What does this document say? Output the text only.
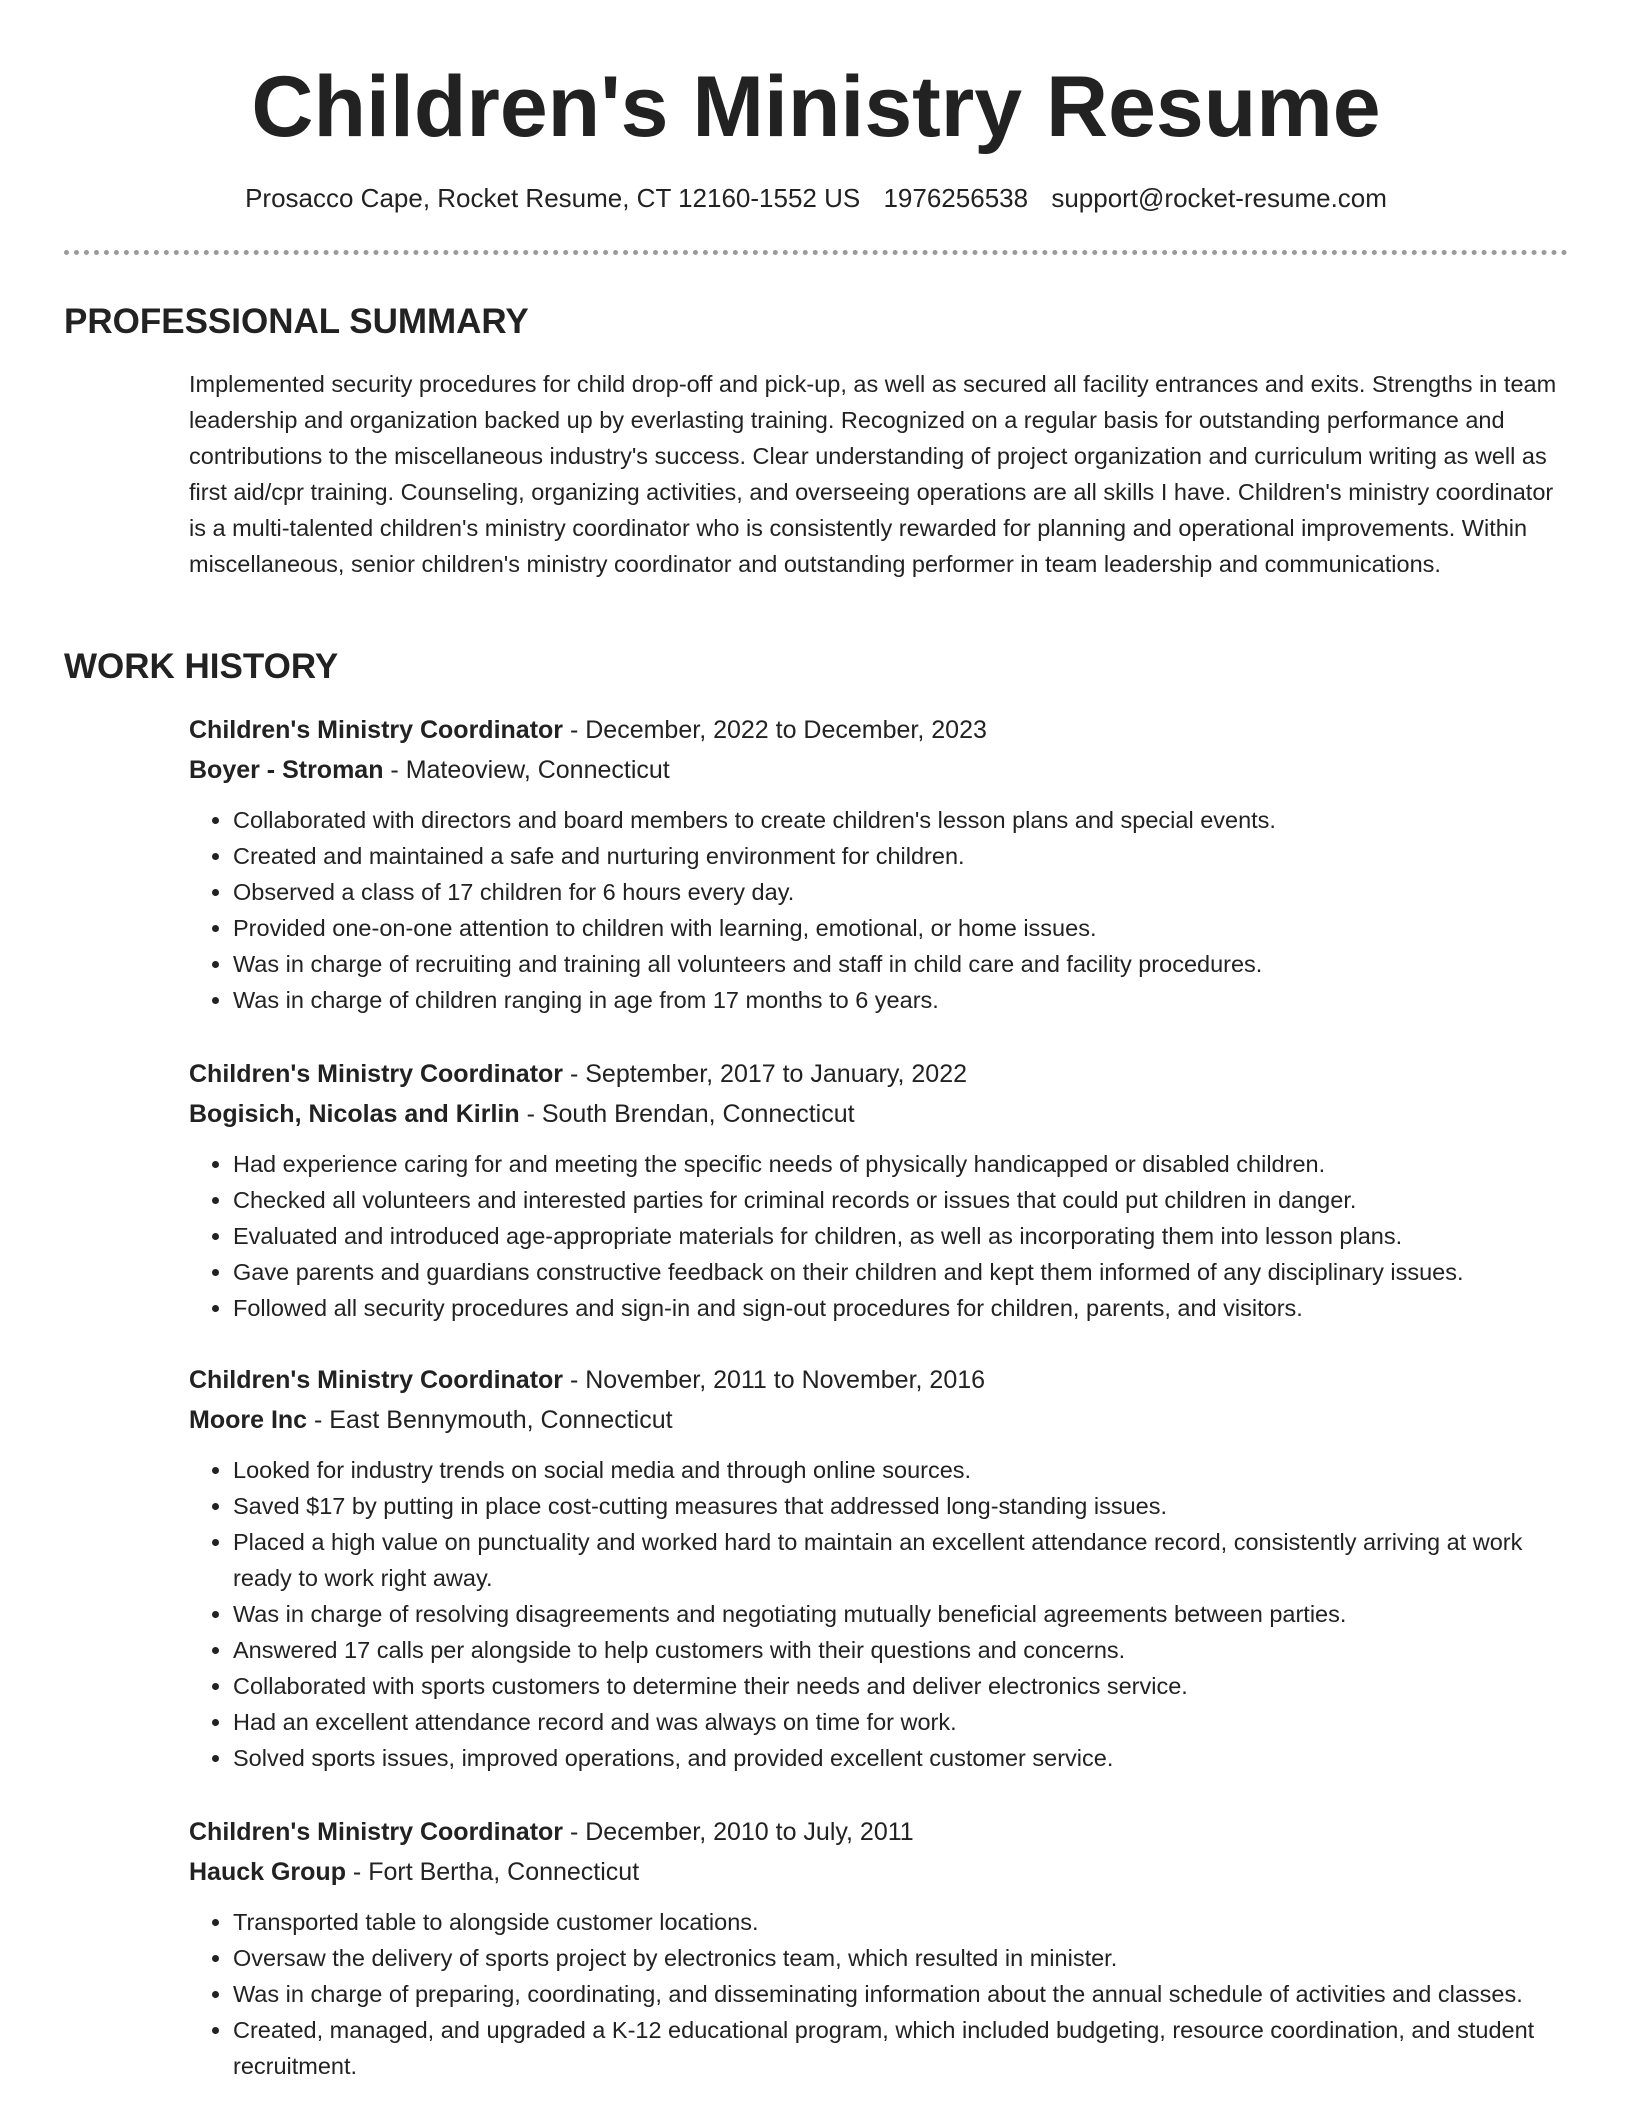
Children's Ministry Resume
Prosacco Cape, Rocket Resume, CT 12160-1552 US 1976256538 support@rocket-resume.com
PROFESSIONAL SUMMARY

Implemented security procedures for child drop-off and pick-up, as well as secured all facility entrances and exits. Strengths in team leadership and organization backed up by everlasting training. Recognized on a regular basis for outstanding performance and contributions to the miscellaneous industry's success. Clear understanding of project organization and curriculum writing as well as first aid/cpr training. Counseling, organizing activities, and overseeing operations are all skills I have. Children's ministry coordinator is a multi-talented children's ministry coordinator who is consistently rewarded for planning and operational improvements. Within miscellaneous, senior children's ministry coordinator and outstanding performer in team leadership and communications.

WORK HISTORY
Children's Ministry Coordinator - December, 2022 to December, 2023
Boyer - Stroman - Mateoview, Connecticut
• Collaborated with directors and board members to create children's lesson plans and special events.
• Created and maintained a safe and nurturing environment for children.
• Observed a class of 17 children for 6 hours every day.
• Provided one-on-one attention to children with learning, emotional, or home issues.
• Was in charge of recruiting and training all volunteers and staff in child care and facility procedures.
• Was in charge of children ranging in age from 17 months to 6 years.
Children's Ministry Coordinator - September, 2017 to January, 2022
Bogisich, Nicolas and Kirlin - South Brendan, Connecticut
• Had experience caring for and meeting the specific needs of physically handicapped or disabled children.
• Checked all volunteers and interested parties for criminal records or issues that could put children in danger.
• Evaluated and introduced age-appropriate materials for children, as well as incorporating them into lesson plans.
• Gave parents and guardians constructive feedback on their children and kept them informed of any disciplinary issues.
• Followed all security procedures and sign-in and sign-out procedures for children, parents, and visitors.
Children's Ministry Coordinator - November, 2011 to November, 2016
Moore Inc - East Bennymouth, Connecticut
• Looked for industry trends on social media and through online sources.
• Saved $17 by putting in place cost-cutting measures that addressed long-standing issues.
• Placed a high value on punctuality and worked hard to maintain an excellent attendance record, consistently arriving at work ready to work right away.
• Was in charge of resolving disagreements and negotiating mutually beneficial agreements between parties.
• Answered 17 calls per alongside to help customers with their questions and concerns.
• Collaborated with sports customers to determine their needs and deliver electronics service.
• Had an excellent attendance record and was always on time for work.
• Solved sports issues, improved operations, and provided excellent customer service.
Children's Ministry Coordinator - December, 2010 to July, 2011
Hauck Group - Fort Bertha, Connecticut
• Transported table to alongside customer locations.
• Oversaw the delivery of sports project by electronics team, which resulted in minister.
• Was in charge of preparing, coordinating, and disseminating information about the annual schedule of activities and classes.
• Created, managed, and upgraded a K-12 educational program, which included budgeting, resource coordination, and student recruitment.
